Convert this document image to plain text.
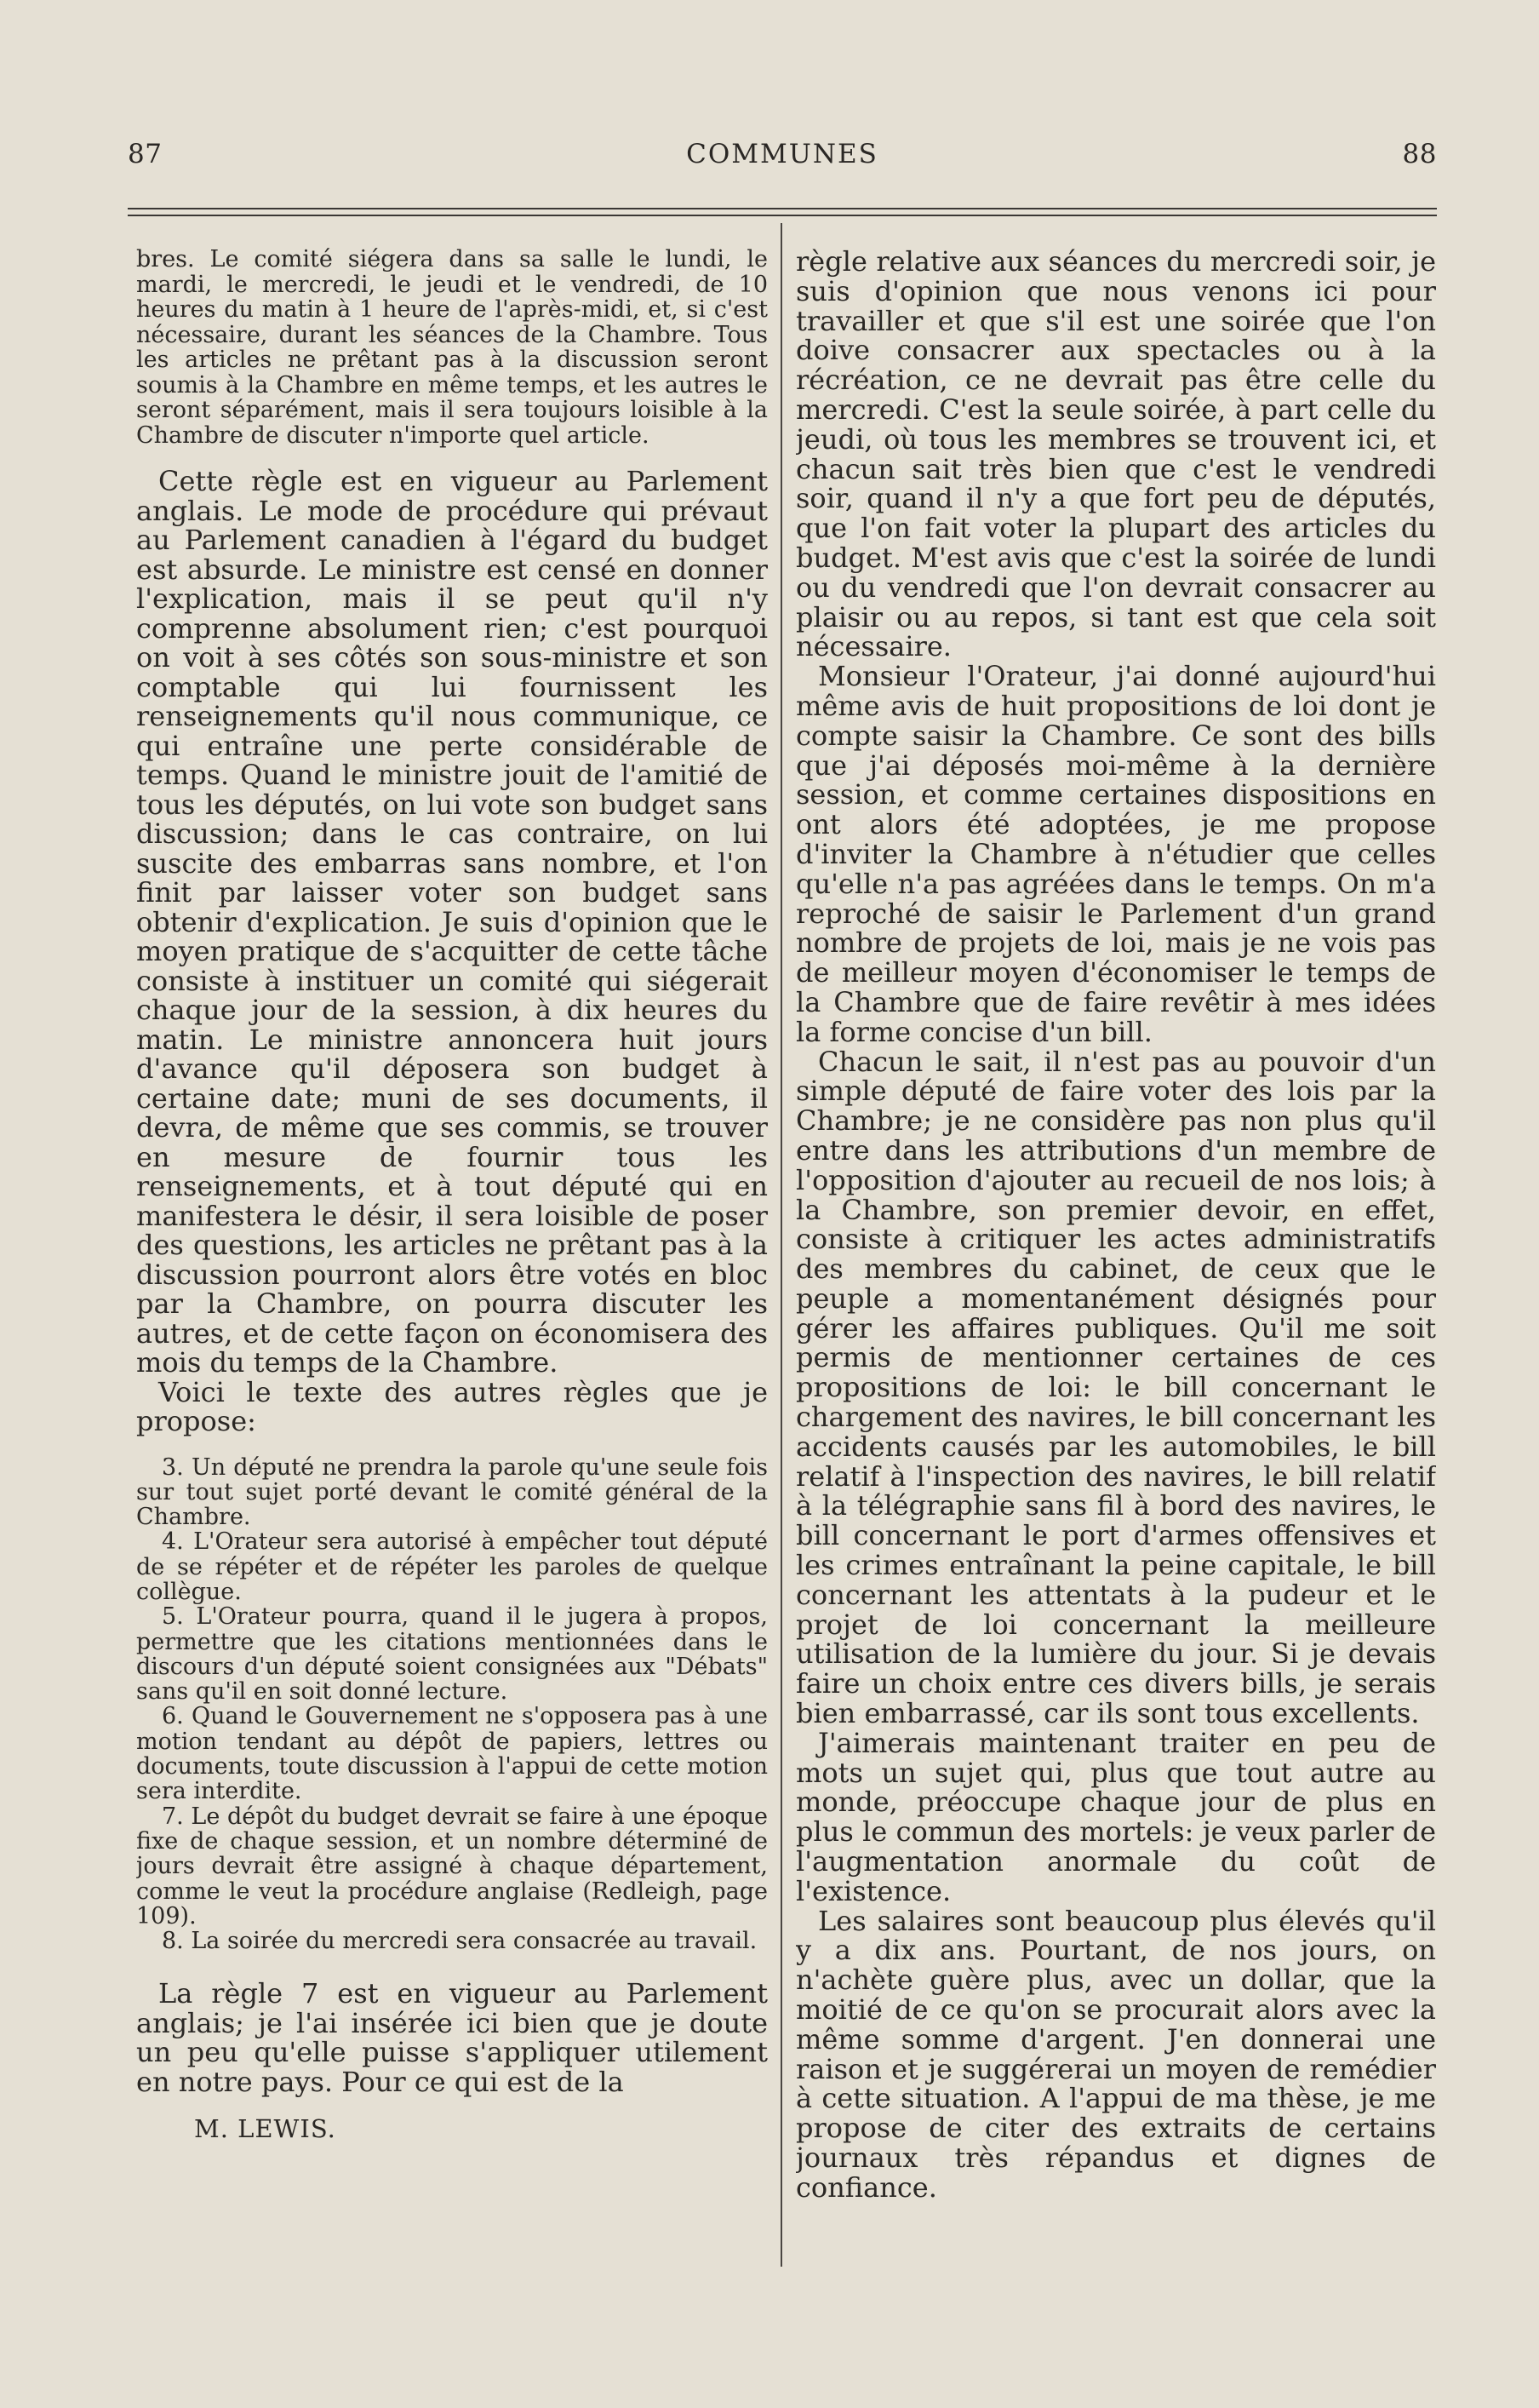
87	COMMUNES	88

bres. Le comité siégera dans sa salle le lundi, le mardi, le mercredi, le jeudi et le vendredi, de 10 heures du matin à 1 heure de l'après-midi, et, si c'est nécessaire, durant les séances de la Chambre. Tous les articles ne prêtant pas à la discussion seront soumis à la Chambre en même temps, et les autres le seront séparément, mais il sera toujours loisible à la Chambre de discuter n'importe quel article.

Cette règle est en vigueur au Parlement anglais. Le mode de procédure qui prévaut au Parlement canadien à l'égard du budget est absurde. Le ministre est censé en donner l'explication, mais il se peut qu'il n'y comprenne absolument rien; c'est pourquoi on voit à ses côtés son sous-ministre et son comptable qui lui fournissent les renseignements qu'il nous communique, ce qui entraîne une perte considérable de temps. Quand le ministre jouit de l'amitié de tous les députés, on lui vote son budget sans discussion; dans le cas contraire, on lui suscite des embarras sans nombre, et l'on finit par laisser voter son budget sans obtenir d'explication. Je suis d'opinion que le moyen pratique de s'acquitter de cette tâche consiste à instituer un comité qui siégerait chaque jour de la session, à dix heures du matin. Le ministre annoncera huit jours d'avance qu'il déposera son budget à certaine date; muni de ses documents, il devra, de même que ses commis, se trouver en mesure de fournir tous les renseignements, et à tout député qui en manifestera le désir, il sera loisible de poser des questions, les articles ne prêtant pas à la discussion pourront alors être votés en bloc par la Chambre, on pourra discuter les autres, et de cette façon on économisera des mois du temps de la Chambre.

Voici le texte des autres règles que je propose:

3. Un député ne prendra la parole qu'une seule fois sur tout sujet porté devant le comité général de la Chambre.

4. L'Orateur sera autorisé à empêcher tout député de se répéter et de répéter les paroles de quelque collègue.

5. L'Orateur pourra, quand il le jugera à propos, permettre que les citations mentionnées dans le discours d'un député soient consignées aux "Débats" sans qu'il en soit donné lecture.

6. Quand le Gouvernement ne s'opposera pas à une motion tendant au dépôt de papiers, lettres ou documents, toute discussion à l'appui de cette motion sera interdite.

7. Le dépôt du budget devrait se faire à une époque fixe de chaque session, et un nombre déterminé de jours devrait être assigné à chaque département, comme le veut la procédure anglaise (Redleigh, page 109).

8. La soirée du mercredi sera consacrée au travail.

La règle 7 est en vigueur au Parlement anglais; je l'ai insérée ici bien que je doute un peu qu'elle puisse s'appliquer utilement en notre pays. Pour ce qui est de la

M. LEWIS.

règle relative aux séances du mercredi soir, je suis d'opinion que nous venons ici pour travailler et que s'il est une soirée que l'on doive consacrer aux spectacles ou à la récréation, ce ne devrait pas être celle du mercredi. C'est la seule soirée, à part celle du jeudi, où tous les membres se trouvent ici, et chacun sait très bien que c'est le vendredi soir, quand il n'y a que fort peu de députés, que l'on fait voter la plupart des articles du budget. M'est avis que c'est la soirée de lundi ou du vendredi que l'on devrait consacrer au plaisir ou au repos, si tant est que cela soit nécessaire.

Monsieur l'Orateur, j'ai donné aujourd'hui même avis de huit propositions de loi dont je compte saisir la Chambre. Ce sont des bills que j'ai déposés moi-même à la dernière session, et comme certaines dispositions en ont alors été adoptées, je me propose d'inviter la Chambre à n'étudier que celles qu'elle n'a pas agréées dans le temps. On m'a reproché de saisir le Parlement d'un grand nombre de projets de loi, mais je ne vois pas de meilleur moyen d'économiser le temps de la Chambre que de faire revêtir à mes idées la forme concise d'un bill.

Chacun le sait, il n'est pas au pouvoir d'un simple député de faire voter des lois par la Chambre; je ne considère pas non plus qu'il entre dans les attributions d'un membre de l'opposition d'ajouter au recueil de nos lois; à la Chambre, son premier devoir, en effet, consiste à critiquer les actes administratifs des membres du cabinet, de ceux que le peuple a momentanément désignés pour gérer les affaires publiques. Qu'il me soit permis de mentionner certaines de ces propositions de loi: le bill concernant le chargement des navires, le bill concernant les accidents causés par les automobiles, le bill relatif à l'inspection des navires, le bill relatif à la télégraphie sans fil à bord des navires, le bill concernant le port d'armes offensives et les crimes entraînant la peine capitale, le bill concernant les attentats à la pudeur et le projet de loi concernant la meilleure utilisation de la lumière du jour. Si je devais faire un choix entre ces divers bills, je serais bien embarrassé, car ils sont tous excellents.

J'aimerais maintenant traiter en peu de mots un sujet qui, plus que tout autre au monde, préoccupe chaque jour de plus en plus le commun des mortels: je veux parler de l'augmentation anormale du coût de l'existence.

Les salaires sont beaucoup plus élevés qu'il y a dix ans. Pourtant, de nos jours, on n'achète guère plus, avec un dollar, que la moitié de ce qu'on se procurait alors avec la même somme d'argent. J'en donnerai une raison et je suggérerai un moyen de remédier à cette situation. A l'appui de ma thèse, je me propose de citer des extraits de certains journaux très répandus et dignes de confiance.
